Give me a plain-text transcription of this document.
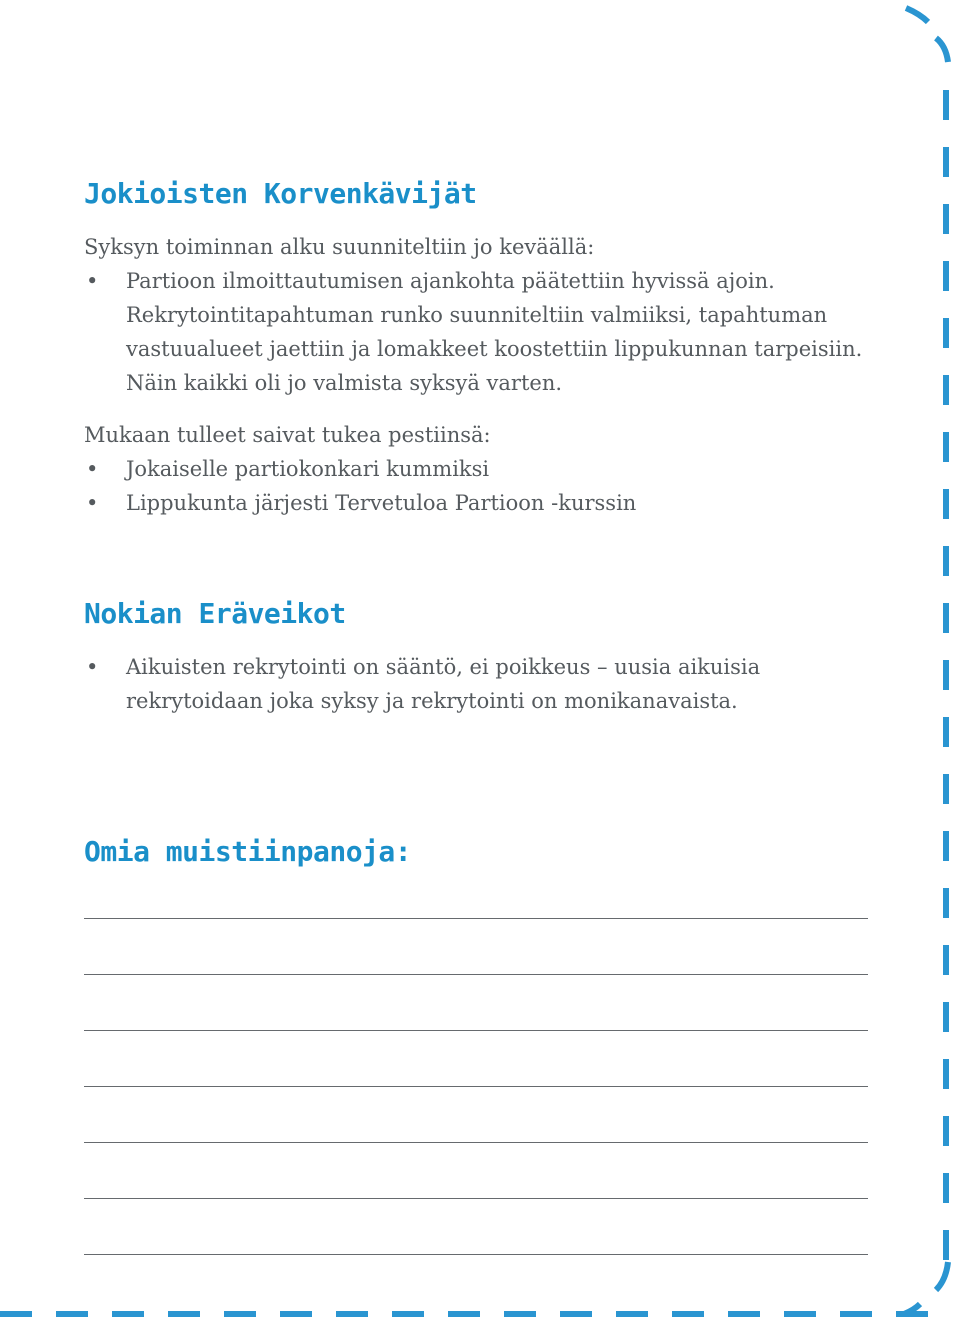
Jokioisten Korvenkävijät

Syksyn toiminnan alku suunniteltiin jo keväällä:

• Partioon ilmoittautumisen ajankohta päätettiin hyvissä ajoin. Rekrytointitapahtuman runko suunniteltiin valmiiksi, tapahtuman vastuualueet jaettiin ja lomakkeet koostettiin lippukunnan tarpeisiin. Näin kaikki oli jo valmista syksyä varten.

Mukaan tulleet saivat tukea pestiinsä:

• Jokaiselle partiokonkari kummiksi
• Lippukunta järjesti Tervetuloa Partioon -kurssin
Nokian Eräveikot
• Aikuisten rekrytointi on sääntö, ei poikkeus – uusia aikuisia rekrytoidaan joka syksy ja rekrytointi on monikanavaista.
Omia muistiinpanoja:
